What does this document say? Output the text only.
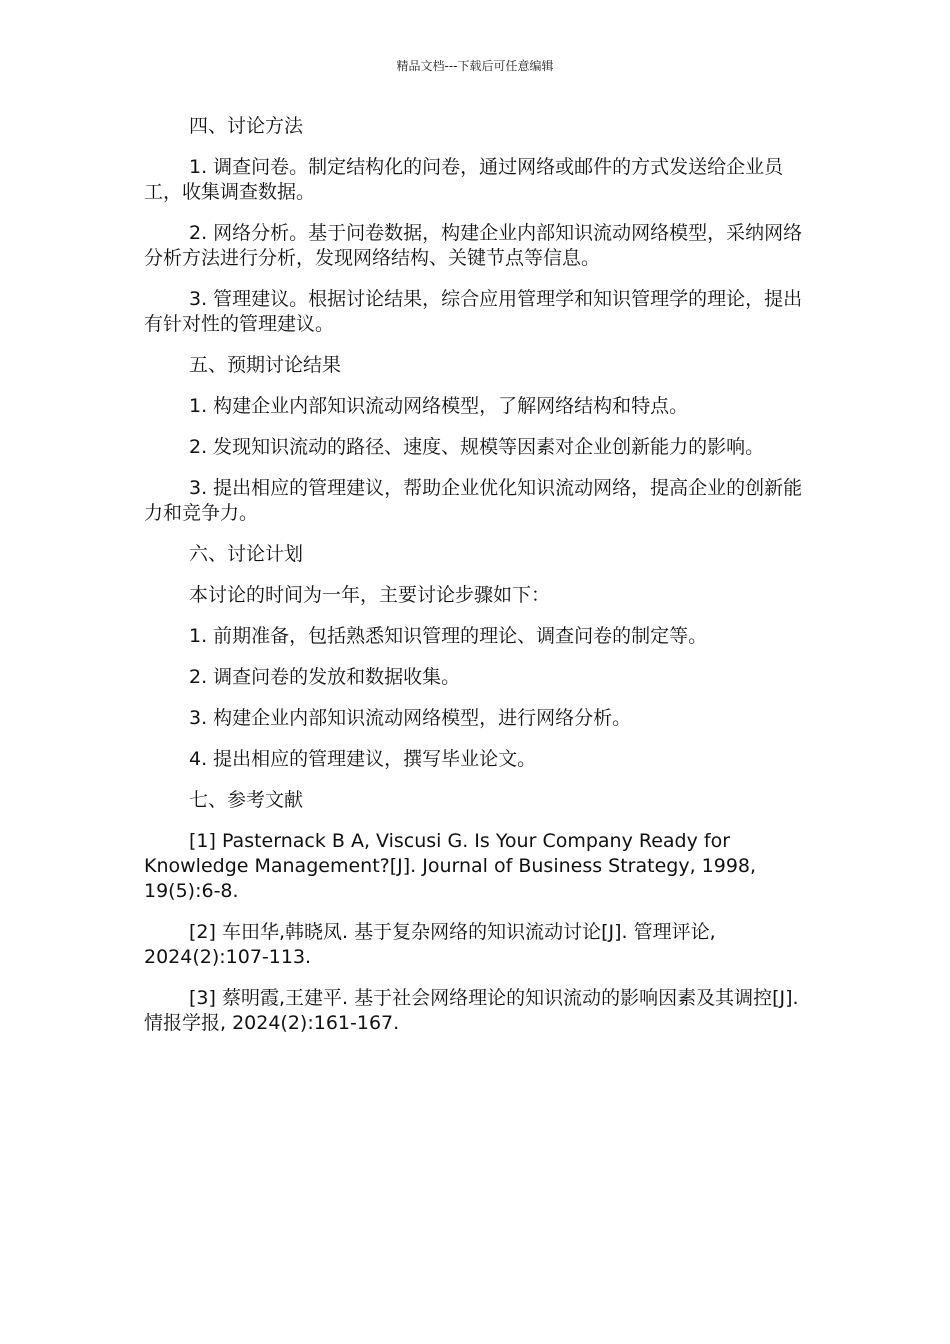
精品文档---下载后可任意编辑

四、讨论方法

1. 调查问卷。制定结构化的问卷，通过网络或邮件的方式发送给企业员工，收集调查数据。

2. 网络分析。基于问卷数据，构建企业内部知识流动网络模型，采纳网络分析方法进行分析，发现网络结构、关键节点等信息。

3. 管理建议。根据讨论结果，综合应用管理学和知识管理学的理论，提出有针对性的管理建议。

五、预期讨论结果

1. 构建企业内部知识流动网络模型，了解网络结构和特点。

2. 发现知识流动的路径、速度、规模等因素对企业创新能力的影响。

3. 提出相应的管理建议，帮助企业优化知识流动网络，提高企业的创新能力和竞争力。

六、讨论计划

本讨论的时间为一年，主要讨论步骤如下：

1. 前期准备，包括熟悉知识管理的理论、调查问卷的制定等。

2. 调查问卷的发放和数据收集。

3. 构建企业内部知识流动网络模型，进行网络分析。

4. 提出相应的管理建议，撰写毕业论文。

七、参考文献

[1] Pasternack B A, Viscusi G. Is Your Company Ready for Knowledge Management?[J]. Journal of Business Strategy, 1998, 19(5):6-8.

[2] 车田华,韩晓凤. 基于复杂网络的知识流动讨论[J]. 管理评论, 2024(2):107-113.

[3] 蔡明霞,王建平. 基于社会网络理论的知识流动的影响因素及其调控[J]. 情报学报, 2024(2):161-167.
